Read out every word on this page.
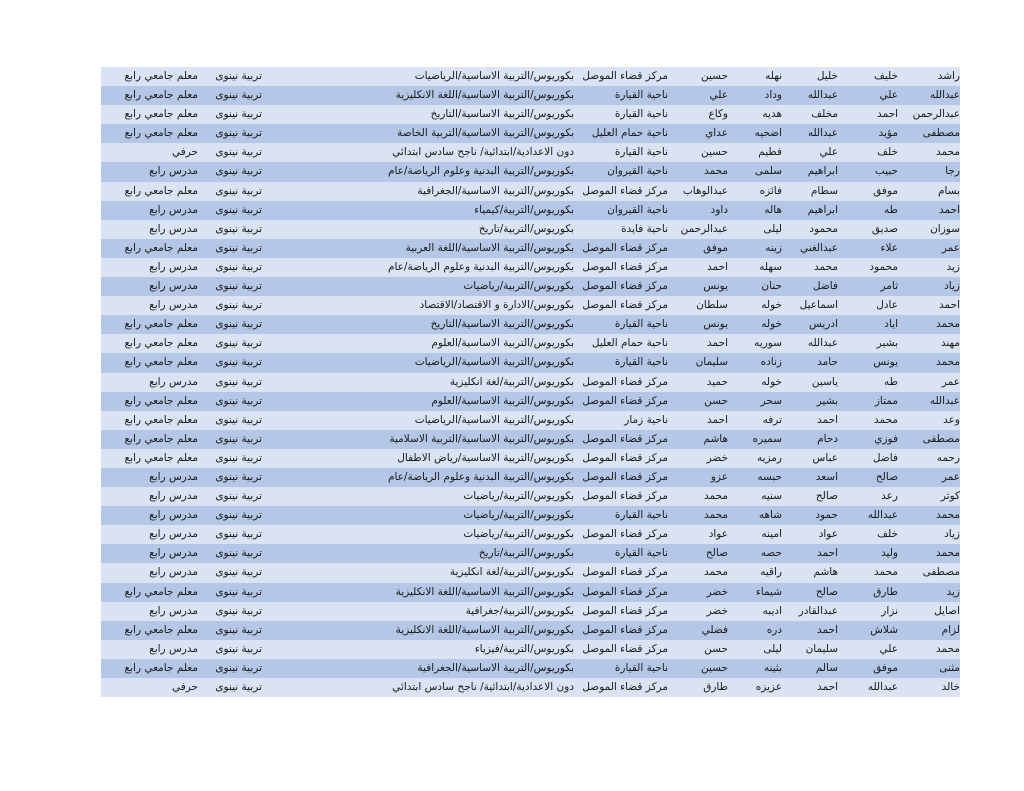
راشد
خليف
خليل
نهله
حسين
مركز قضاء الموصل
بكوريوس/التربية الاساسية/الرياضيات
تربية نينوى
معلم جامعي رابع
عبدالله
علي
عبدالله
وداد
علي
ناحية القيارة
بكوريوس/التربية الاساسية/اللغة الانكليزية
تربية نينوى
معلم جامعي رابع
عبدالرحمن
احمد
مخلف
هديه
وكاع
ناحية القيارة
بكوريوس/التربية الاساسية/التاريخ
تربية نينوى
معلم جامعي رابع
مصطفى
مؤيد
عبدالله
اضحيه
عداي
ناحية حمام العليل
بكوريوس/التربية الاساسية/التربية الخاصة
تربية نينوى
معلم جامعي رابع
محمد
خلف
علي
فطيم
حسين
ناحية القيارة
دون الاعدادية/ابتدائية/ ناجح سادس ابتدائي
تربية نينوى
حرفي
رجا
حبيب
ابراهيم
سلمى
محمد
ناحية القيروان
بكوريوس/التربية البدنية وعلوم الرياضة/عام
تربية نينوى
مدرس رابع
بسام
موفق
سطام
فائزه
عبدالوهاب
مركز قضاء الموصل
بكوريوس/التربية الاساسية/الجغرافية
تربية نينوى
معلم جامعي رابع
احمد
طه
ابراهيم
هاله
داود
ناحية القيروان
بكوريوس/التربية/كيمياء
تربية نينوى
مدرس رابع
سوزان
صديق
محمود
ليلى
عبدالرحمن
ناحية فايدة
بكوريوس/التربية/تاريخ
تربية نينوى
مدرس رابع
عمر
علاء
عبدالغني
زينه
موفق
مركز قضاء الموصل
بكوريوس/التربية الاساسية/اللغة العربية
تربية نينوى
معلم جامعي رابع
زيد
محمود
محمد
سهله
احمد
مركز قضاء الموصل
بكوريوس/التربية البدنية وعلوم الرياضة/عام
تربية نينوى
مدرس رابع
زياد
ثامر
فاضل
حنان
يونس
مركز قضاء الموصل
بكوريوس/التربية/رياضيات
تربية نينوى
مدرس رابع
احمد
عادل
اسماعيل
خوله
سلطان
مركز قضاء الموصل
بكوريوس/الادارة و الاقتصاد/الاقتصاد
تربية نينوى
مدرس رابع
محمد
اياد
ادريس
خوله
يونس
ناحية القيارة
بكوريوس/التربية الاساسية/التاريخ
تربية نينوى
معلم جامعي رابع
مهند
بشير
عبدالله
سوريه
احمد
ناحية حمام العليل
بكوريوس/التربية الاساسية/العلوم
تربية نينوى
معلم جامعي رابع
محمد
يونس
حامد
زناده
سليمان
ناحية القيارة
بكوريوس/التربية الاساسية/الرياضيات
تربية نينوى
معلم جامعي رابع
عمر
طه
ياسين
خوله
حميد
مركز قضاء الموصل
بكوريوس/التربية/لغة انكليزية
تربية نينوى
مدرس رابع
عبدالله
ممتاز
بشير
سحر
حسن
مركز قضاء الموصل
بكوريوس/التربية الاساسية/العلوم
تربية نينوى
معلم جامعي رابع
وعد
محمد
احمد
ترفه
احمد
ناحية زمار
بكوريوس/التربية الاساسية/الرياضيات
تربية نينوى
معلم جامعي رابع
مصطفى
فوزي
دحام
سميره
هاشم
مركز قضاء الموصل
بكوريوس/التربية الاساسية/التربية الاسلامية
تربية نينوى
معلم جامعي رابع
رحمه
فاضل
عباس
رمزيه
خضر
مركز قضاء الموصل
بكوريوس/التربية الاساسية/رياض الاطفال
تربية نينوى
معلم جامعي رابع
عمر
صالح
اسعد
حبسه
عزو
مركز قضاء الموصل
بكوريوس/التربية البدنية وعلوم الرياضة/عام
تربية نينوى
مدرس رابع
كوثر
رعد
صالح
سنيه
محمد
مركز قضاء الموصل
بكوريوس/التربية/رياضيات
تربية نينوى
مدرس رابع
محمد
عبدالله
حمود
شاهه
محمد
ناحية القيارة
بكوريوس/التربية/رياضيات
تربية نينوى
مدرس رابع
زياد
خلف
عواد
امينه
عواد
مركز قضاء الموصل
بكوريوس/التربية/رياضيات
تربية نينوى
مدرس رابع
محمد
وليد
احمد
حصه
صالح
ناحية القيارة
بكوريوس/التربية/تاريخ
تربية نينوى
مدرس رابع
مصطفى
محمد
هاشم
راقيه
محمد
مركز قضاء الموصل
بكوريوس/التربية/لغة انكليزية
تربية نينوى
مدرس رابع
زيد
طارق
صالح
شيماء
خضر
مركز قضاء الموصل
بكوريوس/التربية الاساسية/اللغة الانكليزية
تربية نينوى
معلم جامعي رابع
اصايل
نزار
عبدالقادر
اديبه
خضر
مركز قضاء الموصل
بكوريوس/التربية/جغرافية
تربية نينوى
مدرس رابع
لزام
شلاش
احمد
دره
فضلي
مركز قضاء الموصل
بكوريوس/التربية الاساسية/اللغة الانكليزية
تربية نينوى
معلم جامعي رابع
محمد
علي
سليمان
ليلى
حسن
مركز قضاء الموصل
بكوريوس/التربية/فيزياء
تربية نينوى
مدرس رابع
مثنى
موفق
سالم
بثينه
حسين
ناحية القيارة
بكوريوس/التربية الاساسية/الجغرافية
تربية نينوى
معلم جامعي رابع
خالد
عبدالله
احمد
عزيزه
طارق
مركز قضاء الموصل
دون الاعدادية/ابتدائية/ ناجح سادس ابتدائي
تربية نينوى
حرفي
